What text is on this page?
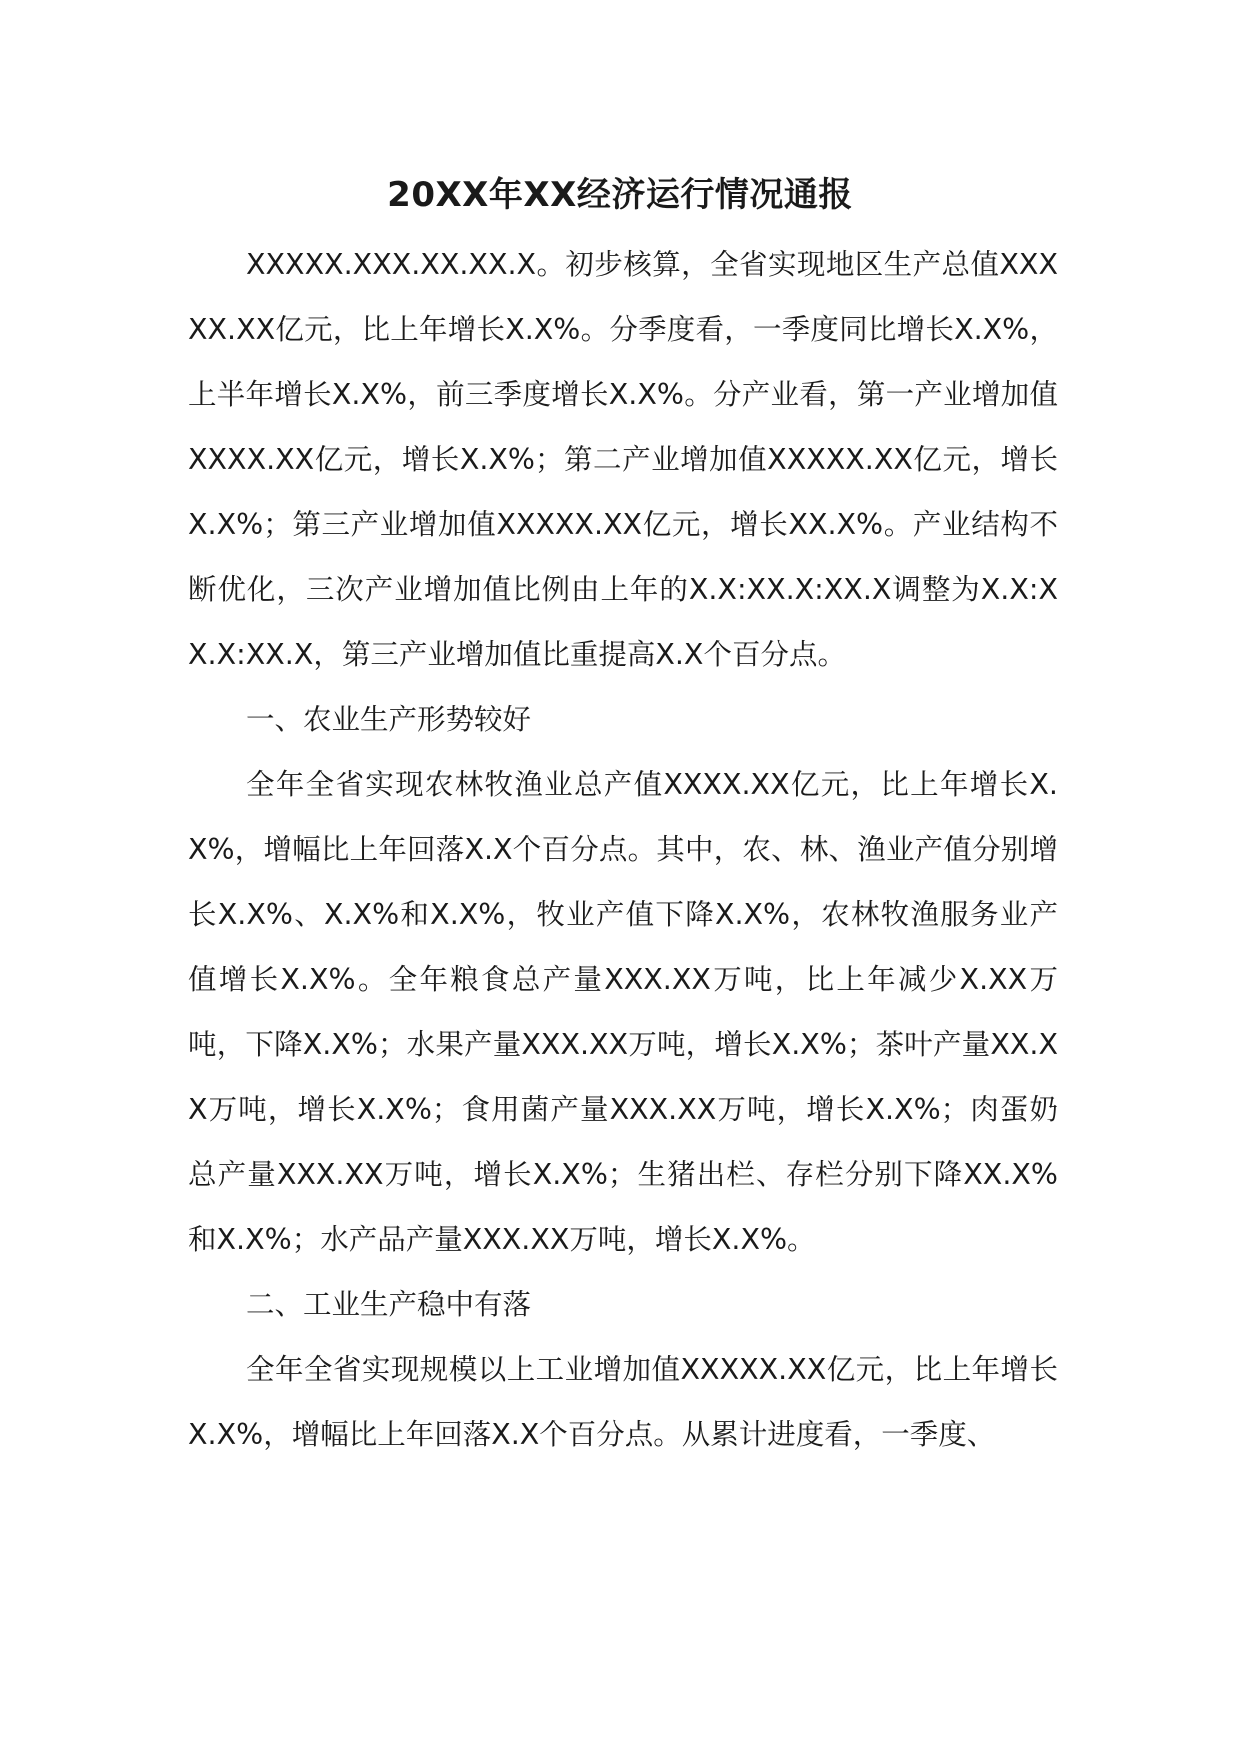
20XX年XX经济运行情况通报

XXXXX.XXX.XX.XX.X。初步核算，全省实现地区生产总值XXXXX.XX亿元，比上年增长X.X%。分季度看，一季度同比增长X.X%，上半年增长X.X%，前三季度增长X.X%。分产业看，第一产业增加值XXXX.XX亿元，增长X.X%；第二产业增加值XXXXX.XX亿元，增长X.X%；第三产业增加值XXXXX.XX亿元，增长XX.X%。产业结构不断优化，三次产业增加值比例由上年的X.X:XX.X:XX.X调整为X.X:XX.X:XX.X，第三产业增加值比重提高X.X个百分点。

一、农业生产形势较好

全年全省实现农林牧渔业总产值XXXX.XX亿元，比上年增长X.X%，增幅比上年回落X.X个百分点。其中，农、林、渔业产值分别增长X.X%、X.X%和X.X%，牧业产值下降X.X%，农林牧渔服务业产值增长X.X%。全年粮食总产量XXX.XX万吨，比上年减少X.XX万吨，下降X.X%；水果产量XXX.XX万吨，增长X.X%；茶叶产量XX.XX万吨，增长X.X%；食用菌产量XXX.XX万吨，增长X.X%；肉蛋奶总产量XXX.XX万吨，增长X.X%；生猪出栏、存栏分别下降XX.X%和X.X%；水产品产量XXX.XX万吨，增长X.X%。

二、工业生产稳中有落

全年全省实现规模以上工业增加值XXXXX.XX亿元，比上年增长X.X%，增幅比上年回落X.X个百分点。从累计进度看，一季度、
